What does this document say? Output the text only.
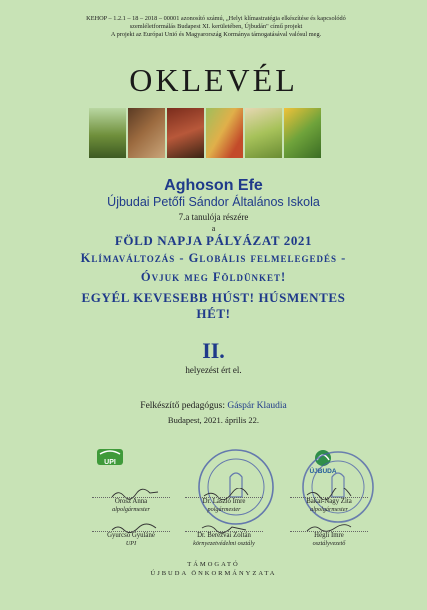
KEHOP – 1.2.1 – 18 – 2018 – 00001 azonosító számú, „Helyi klímastratégia elkészítése és kapcsolódó
szemléletformálás Budapest XI. kerületében, Újbudán" című projekt
A projekt az Európai Unió és Magyarország Kormánya támogatásával valósul meg.
OKLEVÉL
Aghoson Efe
Újbudai Petőfi Sándor Általános Iskola
7.a tanulója részére
a
FÖLD NAPJA PÁLYÁZAT 2021
Klímaváltozás - Globális felmelegedés -
Óvjuk meg Földünket!
EGYÉL KEVESEBB HÚST! HÚSMENTES
HÉT!
II.
helyezést ért el.
Felkészítő pedagógus: Gáspár Klaudia
Budapest, 2021. április 22.
UPI
ÚJBUDA
Orosz Anna
alpolgármester
Dr. László Imre
polgármester
Bakai-Nagy Zita
alpolgármester
Gyurcsó Gyuláné
UPI
Dr. Berezvai Zoltán
környezetvédelmi osztály
Hégli Imre
osztályvezető
TÁMOGATÓ
ÚJBUDA ÖNKORMÁNYZATA
